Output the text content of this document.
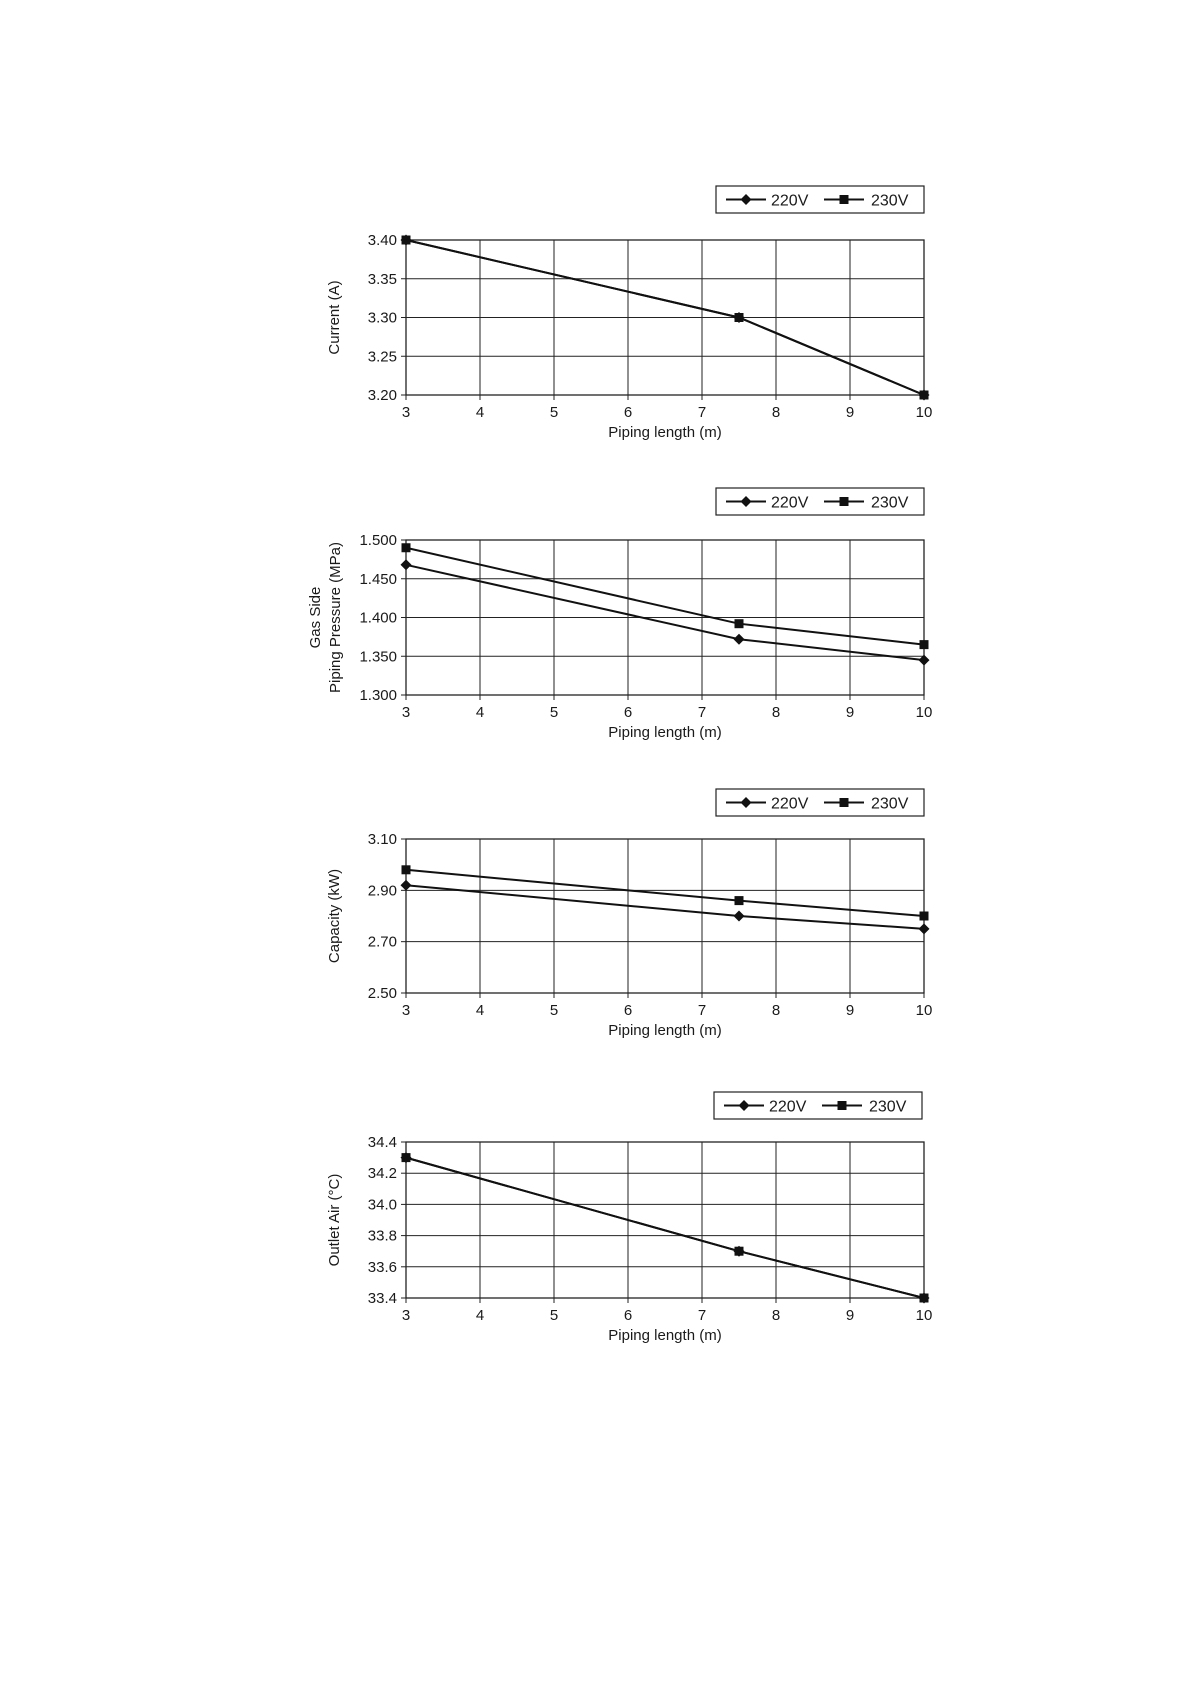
3	4	5	6	7	8	9	10
3.20
3.25
3.30
3.35
3.40
Piping length (m)
Current (A)
220V	230V
3	4	5	6	7	8	9	10
1.300
1.350
1.400
1.450
1.500
Piping length (m)
Gas Side Piping Pressure (MPa)
220V	230V
3	4	5	6	7	8	9	10
2.50
2.70
2.90
3.10
Piping length (m)
Capacity (kW)
220V	230V
3	4	5	6	7	8	9	10
33.4
33.6
33.8
34.0
34.2
34.4
Piping length (m)
Outlet Air (°C)
220V	230V
